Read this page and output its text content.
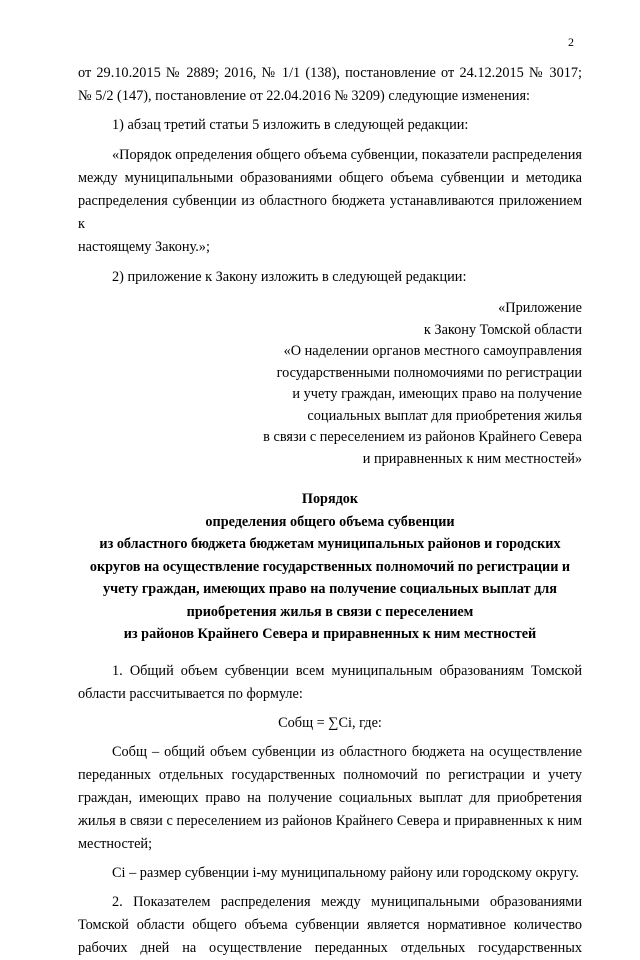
2

от 29.10.2015 № 2889; 2016, № 1/1 (138), постановление от 24.12.2015 № 3017;

№ 5/2 (147), постановление от 22.04.2016 № 3209) следующие изменения:

1) абзац третий статьи 5 изложить в следующей редакции:

«Порядок определения общего объема субвенции, показатели распределения

между муниципальными образованиями общего объема субвенции и методика

распределения субвенции из областного бюджета устанавливаются приложением к

настоящему Закону.»;

2) приложение к Закону изложить в следующей редакции:

«Приложение
к Закону Томской области
«О наделении органов местного самоуправления
государственными полномочиями по регистрации
и учету граждан, имеющих право на получение
социальных выплат для приобретения жилья
в связи с переселением из районов Крайнего Севера
и приравненных к ним местностей»
Порядок
определения общего объема субвенции
из областного бюджета бюджетам муниципальных районов и городских
округов на осуществление государственных полномочий по регистрации и
учету граждан, имеющих право на получение социальных выплат для
приобретения жилья в связи с переселением
из районов Крайнего Севера и приравненных к ним местностей

1. Общий объем субвенции всем муниципальным образованиям Томской

области рассчитывается по формуле:

Собщ = ∑Сi, где:

Собщ – общий объем субвенции из областного бюджета на осуществление

переданных отдельных государственных полномочий по регистрации и учету

граждан, имеющих право на получение социальных выплат для приобретения

жилья в связи с переселением из районов Крайнего Севера и приравненных к ним

местностей;

Сi – размер субвенции i-му муниципальному району или городскому округу.

2. Показателем распределения между муниципальными образованиями

Томской области общего объема субвенции является нормативное количество

рабочих дней на осуществление переданных отдельных государственных
